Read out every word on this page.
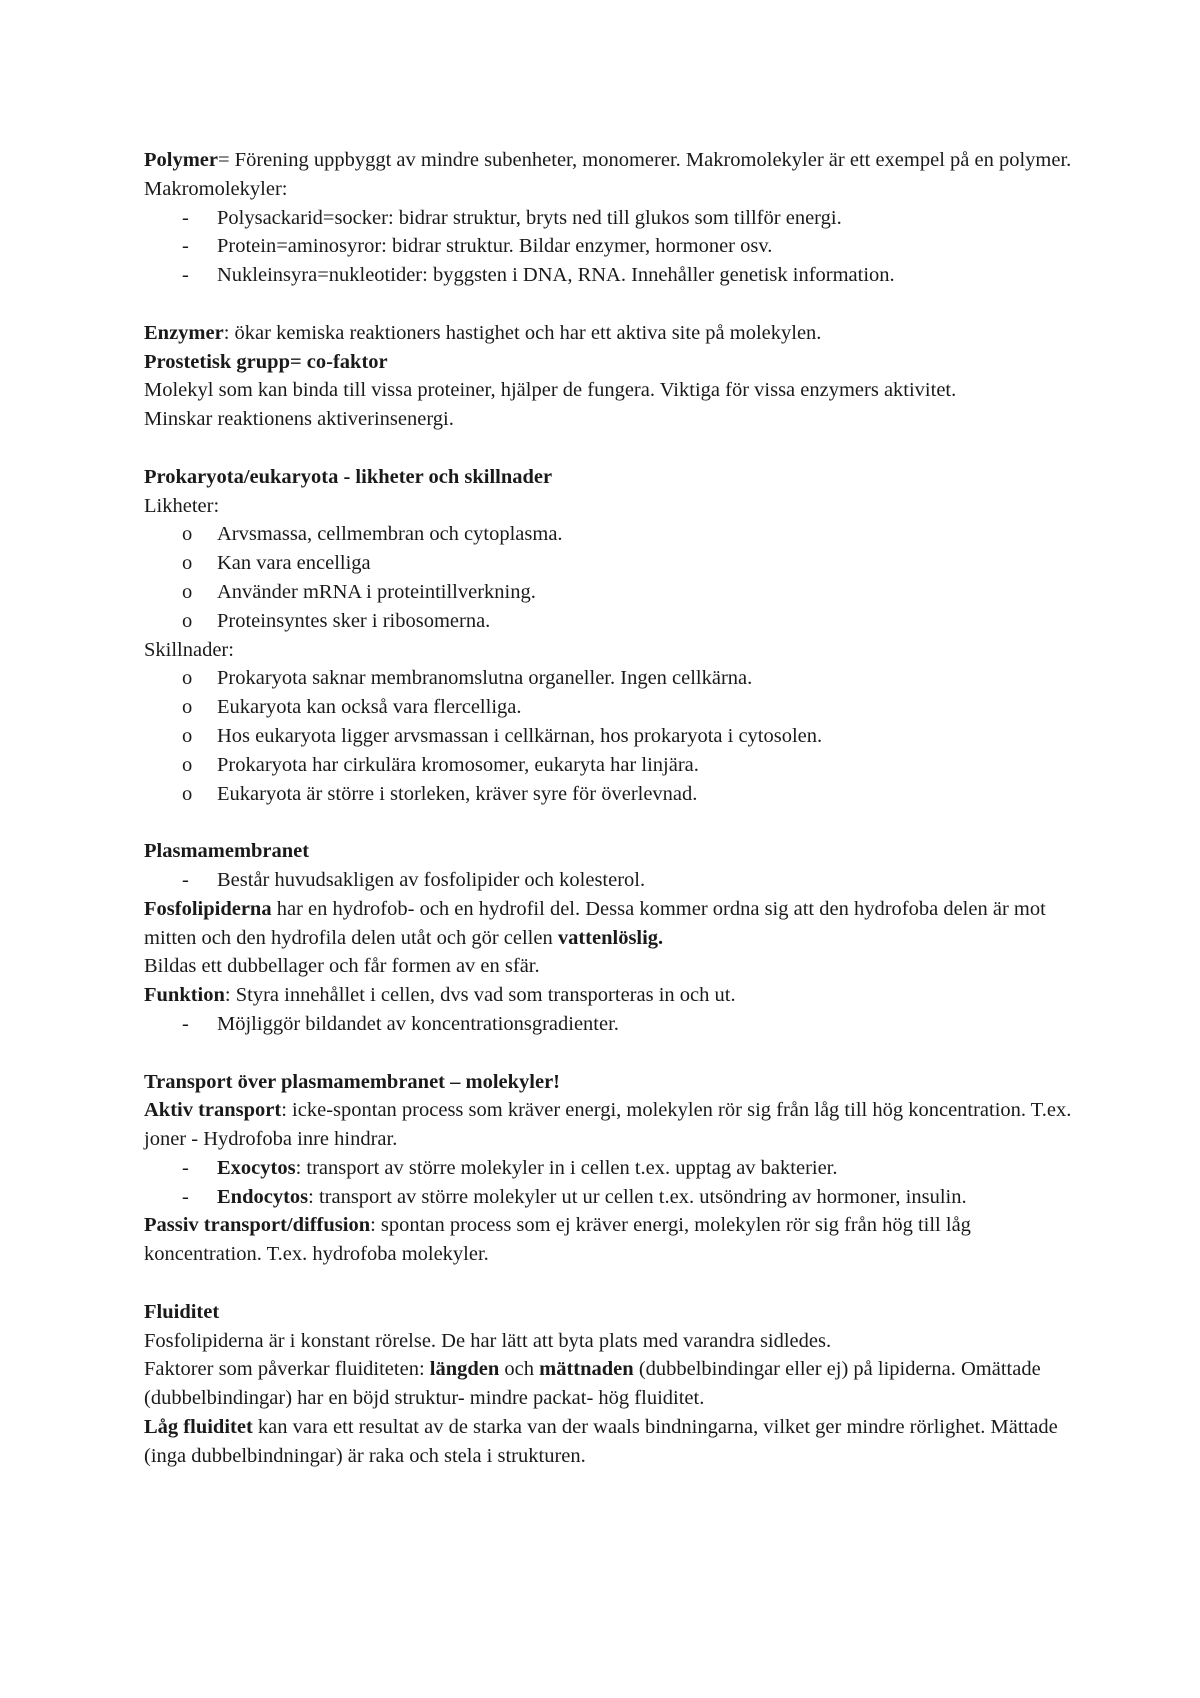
Polymer= Förening uppbyggt av mindre subenheter, monomerer. Makromolekyler är ett exempel på en polymer.

Makromolekyler:

- Polysackarid=socker: bidrar struktur, bryts ned till glukos som tillför energi.
- Protein=aminosyror: bidrar struktur. Bildar enzymer, hormoner osv.
- Nukleinsyra=nukleotider: byggsten i DNA, RNA. Innehåller genetisk information.

Enzymer: ökar kemiska reaktioners hastighet och har ett aktiva site på molekylen.

Prostetisk grupp= co-faktor

Molekyl som kan binda till vissa proteiner, hjälper de fungera. Viktiga för vissa enzymers aktivitet.

Minskar reaktionens aktiverinsenergi.

Prokaryota/eukaryota - likheter och skillnader

Likheter:

o Arvsmassa, cellmembran och cytoplasma.
o Kan vara encelliga
o Använder mRNA i proteintillverkning.
o Proteinsyntes sker i ribosomerna.

Skillnader:

o Prokaryota saknar membranomslutna organeller. Ingen cellkärna.
o Eukaryota kan också vara flercelliga.
o Hos eukaryota ligger arvsmassan i cellkärnan, hos prokaryota i cytosolen.
o Prokaryota har cirkulära kromosomer, eukaryta har linjära.
o Eukaryota är större i storleken, kräver syre för överlevnad.

Plasmamembranet

- Består huvudsakligen av fosfolipider och kolesterol.

Fosfolipiderna har en hydrofob- och en hydrofil del. Dessa kommer ordna sig att den hydrofoba delen är mot mitten och den hydrofila delen utåt och gör cellen vattenlöslig.

Bildas ett dubbellager och får formen av en sfär.

Funktion: Styra innehållet i cellen, dvs vad som transporteras in och ut.

- Möjliggör bildandet av koncentrationsgradienter.

Transport över plasmamembranet – molekyler!

Aktiv transport: icke-spontan process som kräver energi, molekylen rör sig från låg till hög koncentration. T.ex. joner - Hydrofoba inre hindrar.

- Exocytos: transport av större molekyler in i cellen t.ex. upptag av bakterier.
- Endocytos: transport av större molekyler ut ur cellen t.ex. utsöndring av hormoner, insulin.

Passiv transport/diffusion: spontan process som ej kräver energi, molekylen rör sig från hög till låg koncentration. T.ex. hydrofoba molekyler.

Fluiditet

Fosfolipiderna är i konstant rörelse. De har lätt att byta plats med varandra sidledes.

Faktorer som påverkar fluiditeten: längden och mättnaden (dubbelbindingar eller ej) på lipiderna. Omättade (dubbelbindingar) har en böjd struktur- mindre packat- hög fluiditet.

Låg fluiditet kan vara ett resultat av de starka van der waals bindningarna, vilket ger mindre rörlighet. Mättade (inga dubbelbindningar) är raka och stela i strukturen.
